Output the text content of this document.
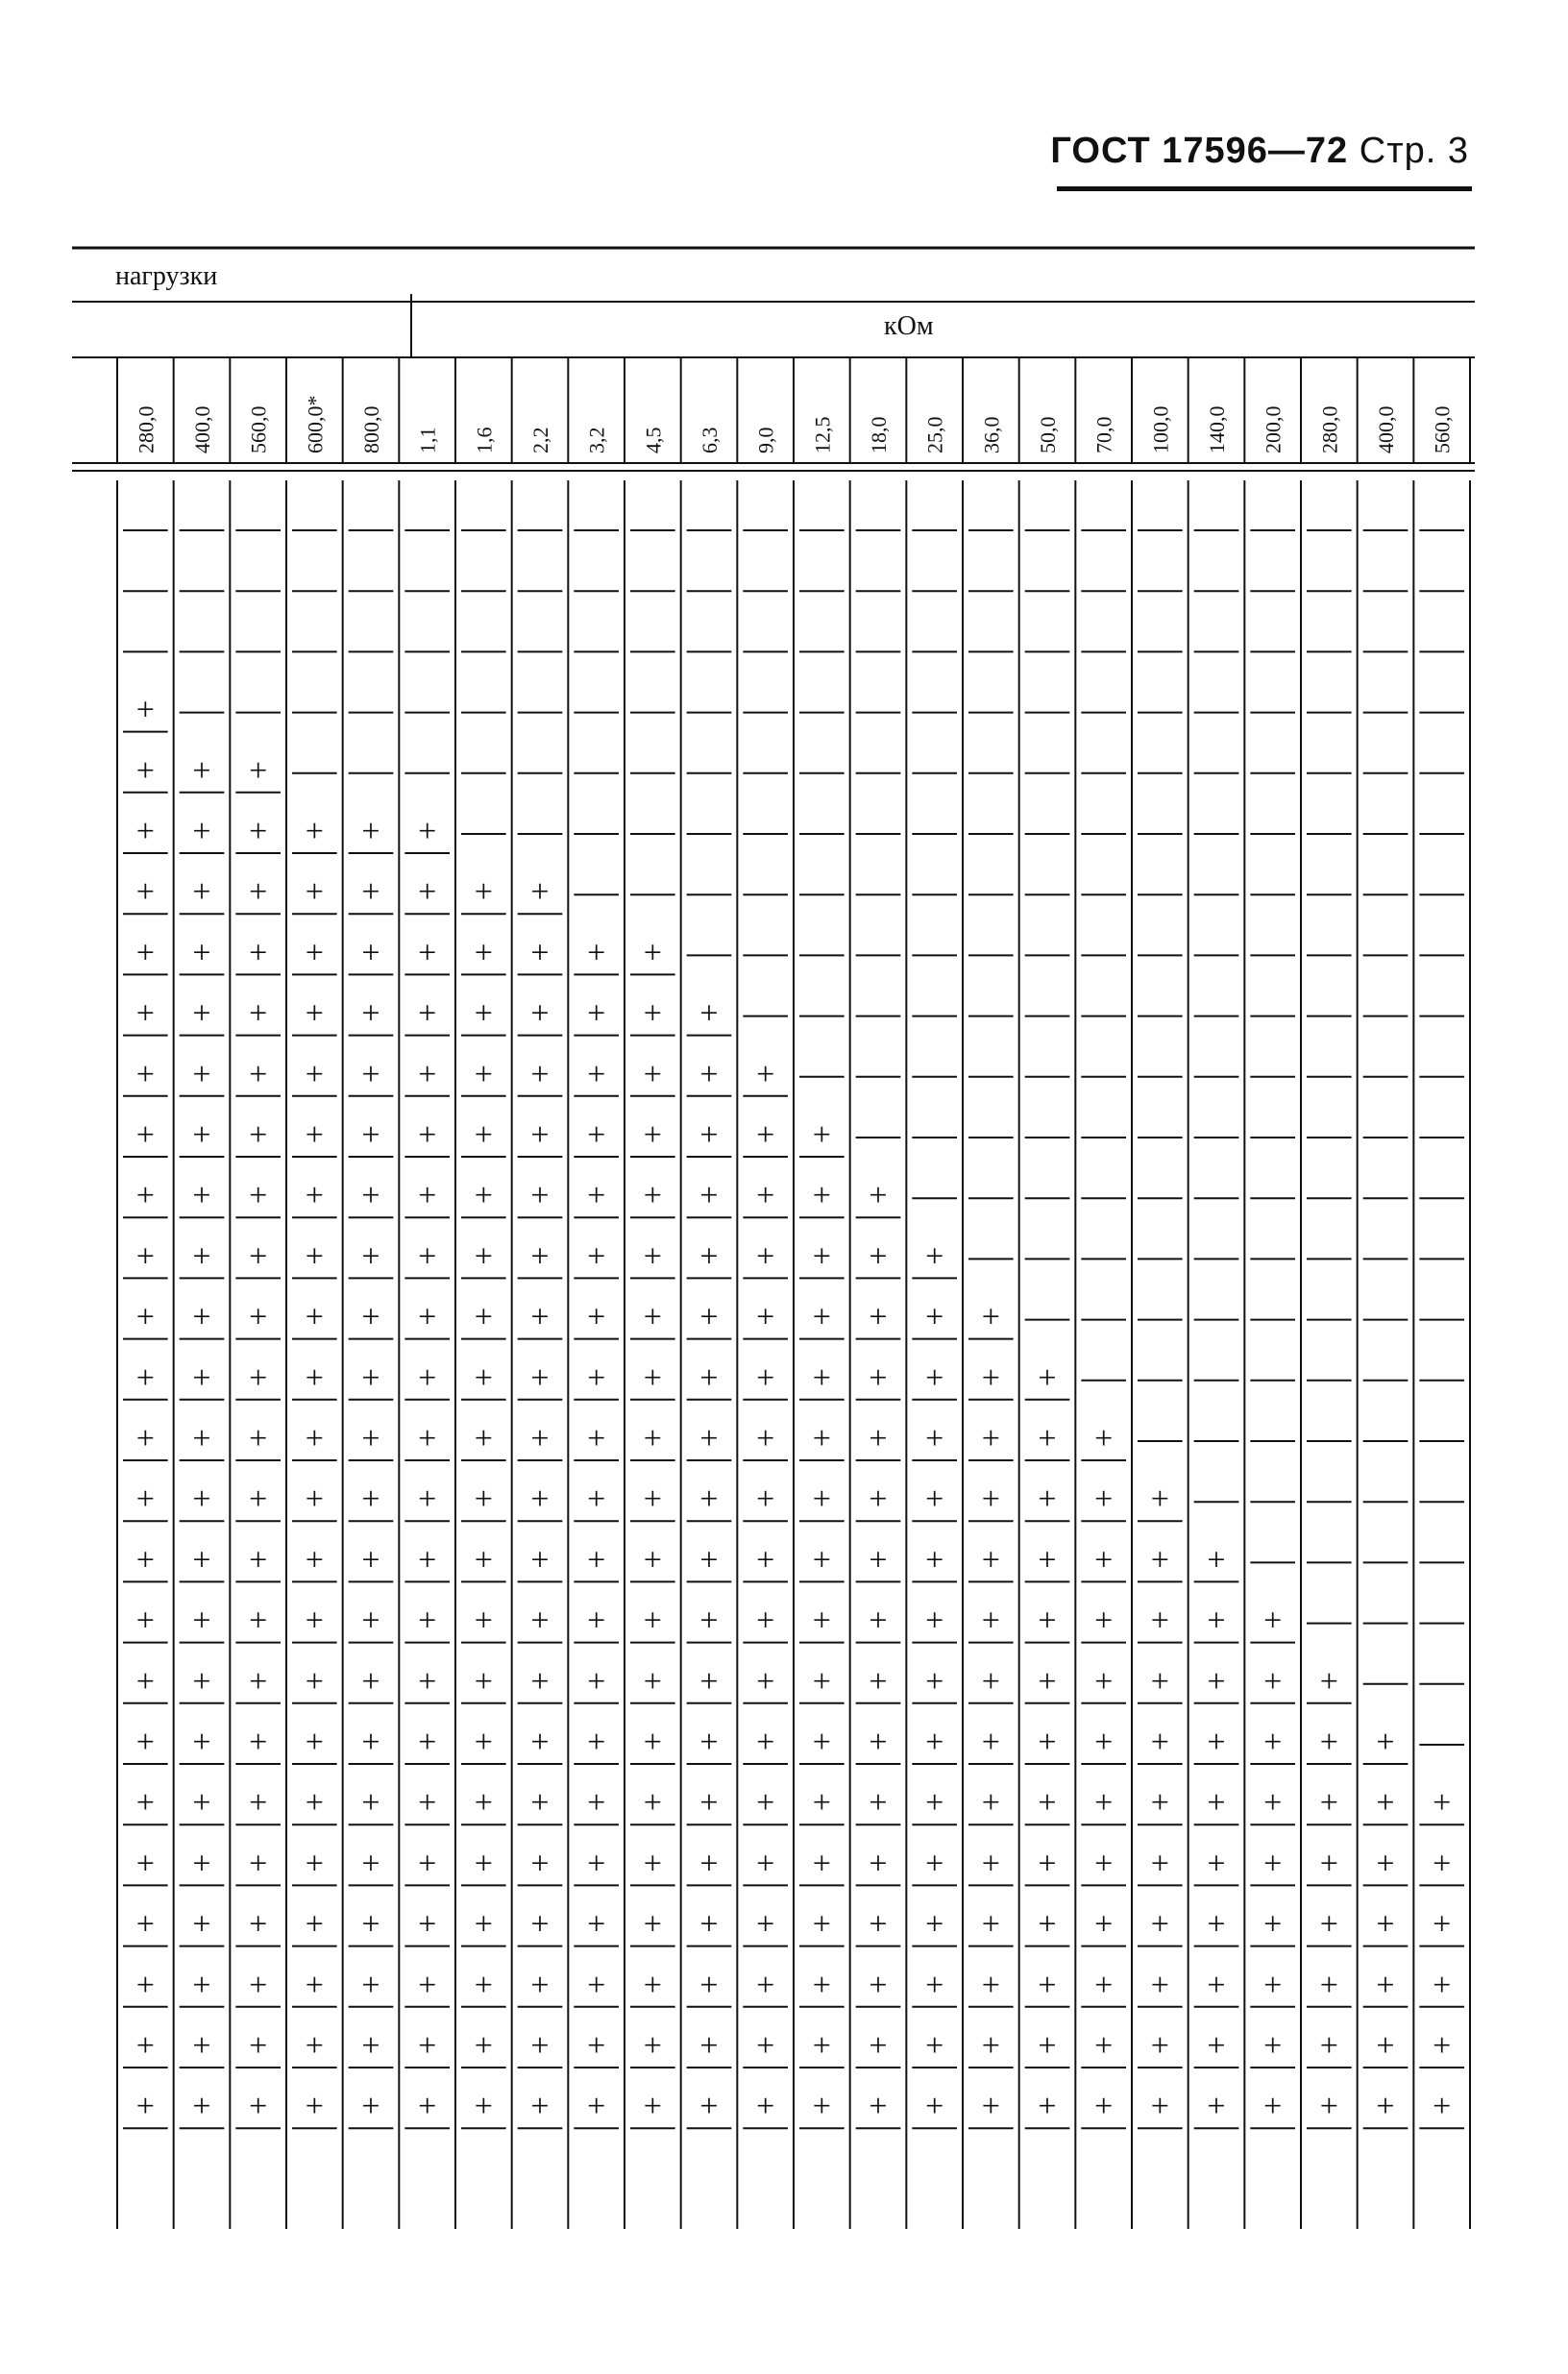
ГОСТ 17596—72 Стр. 3
нагрузки
кОм
280,0 400,0 560,0 600,0* 800,0 1,1 1,6 2,2 3,2 4,5 6,3 9,0 12,5 18,0 25,0 36,0 50,0 70,0 100,0 140,0 200,0 280,0 400,0 560,0
+
+
+
+
+
+
+
+
+
+
+
+
+
+
+
+
+
+
+
+
+
+
+
+
+
+
+
+
+
+
+
+
+
+
+
+
+
+
+
+
+
+
+
+
+
+
+
+
+
+
+
+
+
+
+
+
+
+
+
+
+
+
+
+
+
+
+
+
+
+
+
+
+
+
+
+
+
+
+
+
+
+
+
+
+
+
+
+
+
+
+
+
+
+
+
+
+
+
+
+
+
+
+
+
+
+
+
+
+
+
+
+
+
+
+
+
+
+
+
+
+
+
+
+
+
+
+
+
+
+
+
+
+
+
+
+
+
+
+
+
+
+
+
+
+
+
+
+
+
+
+
+
+
+
+
+
+
+
+
+
+
+
+
+
+
+
+
+
+
+
+
+
+
+
+
+
+
+
+
+
+
+
+
+
+
+
+
+
+
+
+
+
+
+
+
+
+
+
+
+
+
+
+
+
+
+
+
+
+
+
+
+
+
+
+
+
+
+
+
+
+
+
+
+
+
+
+
+
+
+
+
+
+
+
+
+
+
+
+
+
+
+
+
+
+
+
+
+
+
+
+
+
+
+
+
+
+
+
+
+
+
+
+
+
+
+
+
+
+
+
+
+
+
+
+
+
+
+
+
+
+
+
+
+
+
+
+
+
+
+
+
+
+
+
+
+
+
+
+
+
+
+
+
+
+
+
+
+
+
+
+
+
+
+
+
+
+
+
+
+
+
+
+
+
+
+
+
+
+
+
+
+
+
+
+
+
+
+
+
+
+
+
+
+
+
+
+
+
+
+
+
+
+
+
+
+
+
+
+
+
+
+
+
+
+
+
+
+
+
+
+
+
+
+
+
+
+
+
+
+
+
+
+
+
+
+
+
+
+
+
+
+
+
